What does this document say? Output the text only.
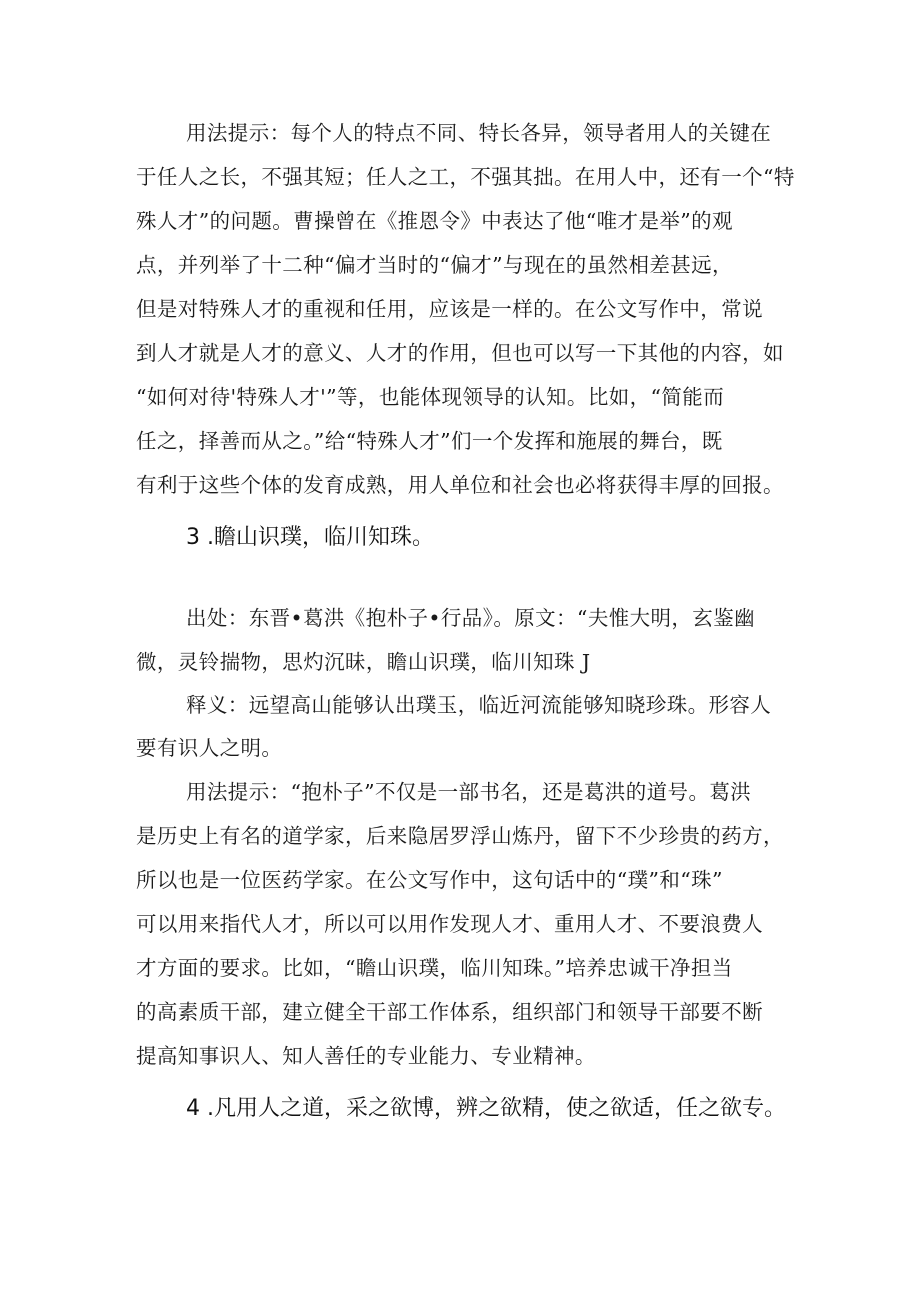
用法提示：每个人的特点不同、特长各异，领导者用人的关键在

于任人之长，不强其短；任人之工，不强其拙。在用人中，还有一个“特

殊人才”的问题。曹操曾在《推恩令》中表达了他“唯才是举”的观

点，并列举了十二种“偏才当时的“偏才”与现在的虽然相差甚远，

但是对特殊人才的重视和任用，应该是一样的。在公文写作中，常说

到人才就是人才的意义、人才的作用，但也可以写一下其他的内容，如

“如何对待'特殊人才'”等，也能体现领导的认知。比如，“简能而

任之，择善而从之。”给“特殊人才”们一个发挥和施展的舞台，既

有利于这些个体的发育成熟，用人单位和社会也必将获得丰厚的回报。

3 .瞻山识璞，临川知珠。

出处：东晋•葛洪《抱朴子•行品》。原文：“夫惟大明，玄鉴幽

微，灵铃揣物，思灼沉昧，瞻山识璞，临川知珠 J

释义：远望高山能够认出璞玉，临近河流能够知晓珍珠。形容人

要有识人之明。

用法提示：“抱朴子”不仅是一部书名，还是葛洪的道号。葛洪

是历史上有名的道学家，后来隐居罗浮山炼丹，留下不少珍贵的药方，

所以也是一位医药学家。在公文写作中，这句话中的“璞”和“珠”

可以用来指代人才，所以可以用作发现人才、重用人才、不要浪费人

才方面的要求。比如，“瞻山识璞，临川知珠。”培养忠诚干净担当

的高素质干部，建立健全干部工作体系，组织部门和领导干部要不断

提高知事识人、知人善任的专业能力、专业精神。

4 .凡用人之道，采之欲博，辨之欲精，使之欲适，任之欲专。
